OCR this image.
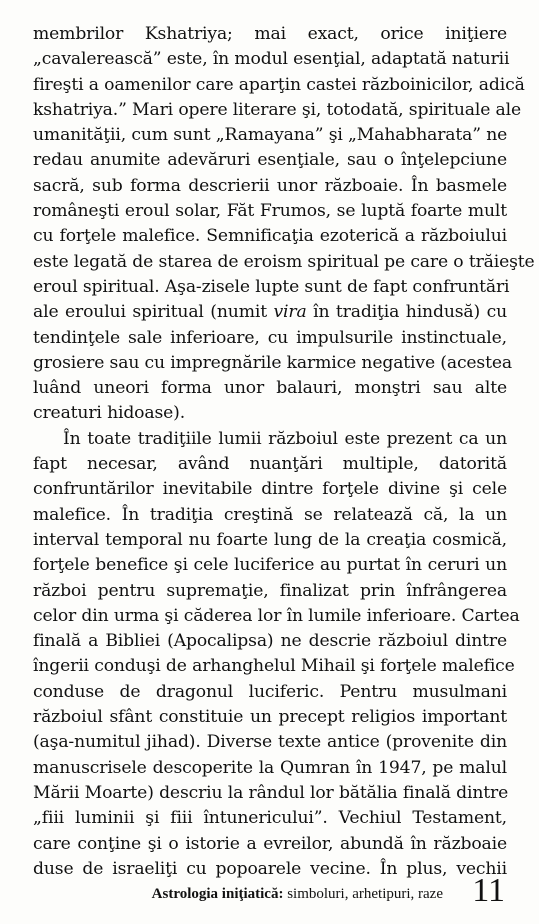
membrilor Kshatriya; mai exact, orice iniţiere
„cavalerească” este, în modul esenţial, adaptată naturii
fireşti a oamenilor care aparţin castei războinicilor, adică
kshatriya.” Mari opere literare şi, totodată, spirituale ale
umanităţii, cum sunt „Ramayana” şi „Mahabharata” ne
redau anumite adevăruri esenţiale, sau o înţelepciune
sacră, sub forma descrierii unor războaie. În basmele
româneşti eroul solar, Făt Frumos, se luptă foarte mult
cu forţele malefice. Semnificaţia ezoterică a războiului
este legată de starea de eroism spiritual pe care o trăieşte
eroul spiritual. Aşa-zisele lupte sunt de fapt confruntări
ale eroului spiritual (numit vira în tradiţia hindusă) cu
tendinţele sale inferioare, cu impulsurile instinctuale,
grosiere sau cu impregnările karmice negative (acestea
luând uneori forma unor balauri, monştri sau alte
creaturi hidoase).
În toate tradiţiile lumii războiul este prezent ca un
fapt necesar, având nuanţări multiple, datorită
confruntărilor inevitabile dintre forţele divine şi cele
malefice. În tradiţia creştină se relatează că, la un
interval temporal nu foarte lung de la creaţia cosmică,
forţele benefice şi cele luciferice au purtat în ceruri un
război pentru supremaţie, finalizat prin înfrângerea
celor din urma şi căderea lor în lumile inferioare. Cartea
finală a Bibliei (Apocalipsa) ne descrie războiul dintre
îngerii conduşi de arhanghelul Mihail şi forţele malefice
conduse de dragonul luciferic. Pentru musulmani
războiul sfânt constituie un precept religios important
(aşa-numitul jihad). Diverse texte antice (provenite din
manuscrisele descoperite la Qumran în 1947, pe malul
Mării Moarte) descriu la rândul lor bătălia finală dintre
„fiii luminii şi fiii întunericului”. Vechiul Testament,
care conţine şi o istorie a evreilor, abundă în războaie
duse de israeliţi cu popoarele vecine. În plus, vechii
Astrologia iniţiatică: simboluri, arhetipuri, raze 11
